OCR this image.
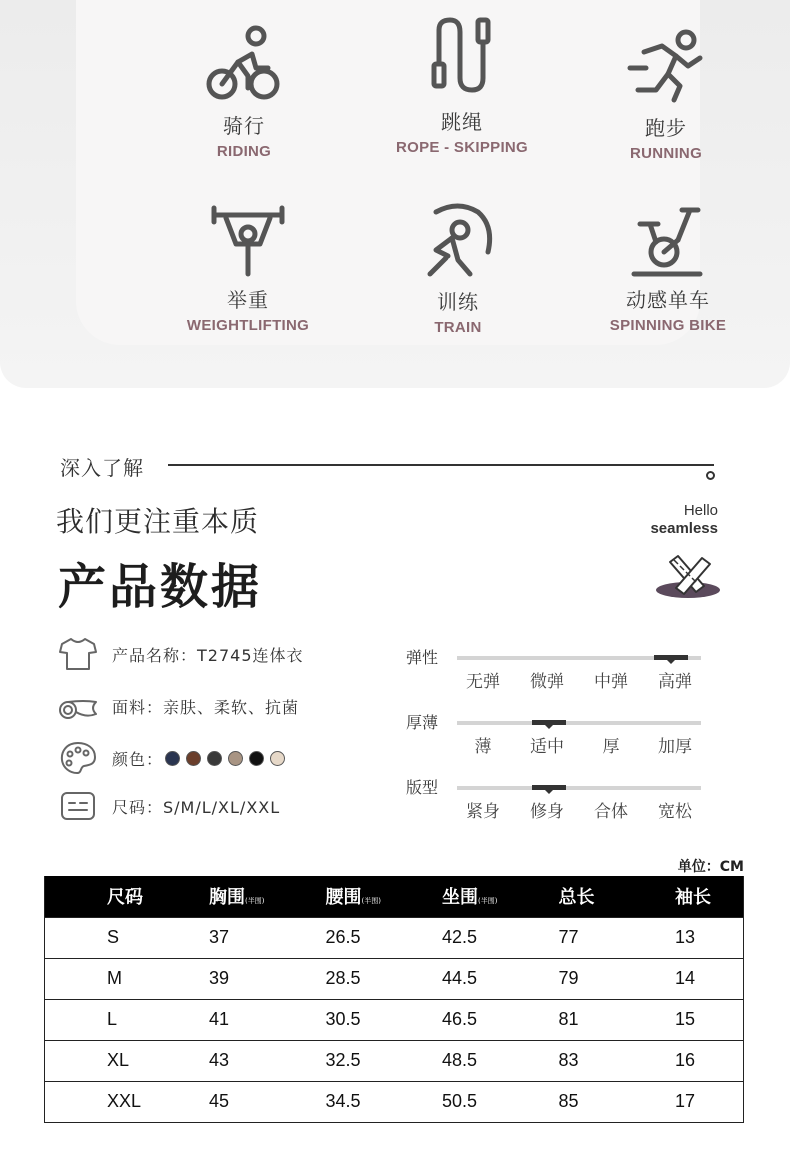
骑行
RIDING
跳绳
ROPE - SKIPPING
跑步
RUNNING
举重
WEIGHTLIFTING
训练
TRAIN
动感单车
SPINNING BIKE
深入了解
我们更注重本质
产品数据
Hello
seamless
产品名称：T2745连体衣
面料：亲肤、柔软、抗菌
颜色：
尺码：S/M/L/XL/XXL
弹性
无弹	微弹	中弹	高弹
厚薄
薄	适中	厚	加厚
版型
紧身	修身	合体	宽松
单位：CM
尺码	胸围(半围)	腰围(半围)	坐围(半围)	总长	袖长
S	37	26.5	42.5	77	13
M	39	28.5	44.5	79	14
L	41	30.5	46.5	81	15
XL	43	32.5	48.5	83	16
XXL	45	34.5	50.5	85	17
